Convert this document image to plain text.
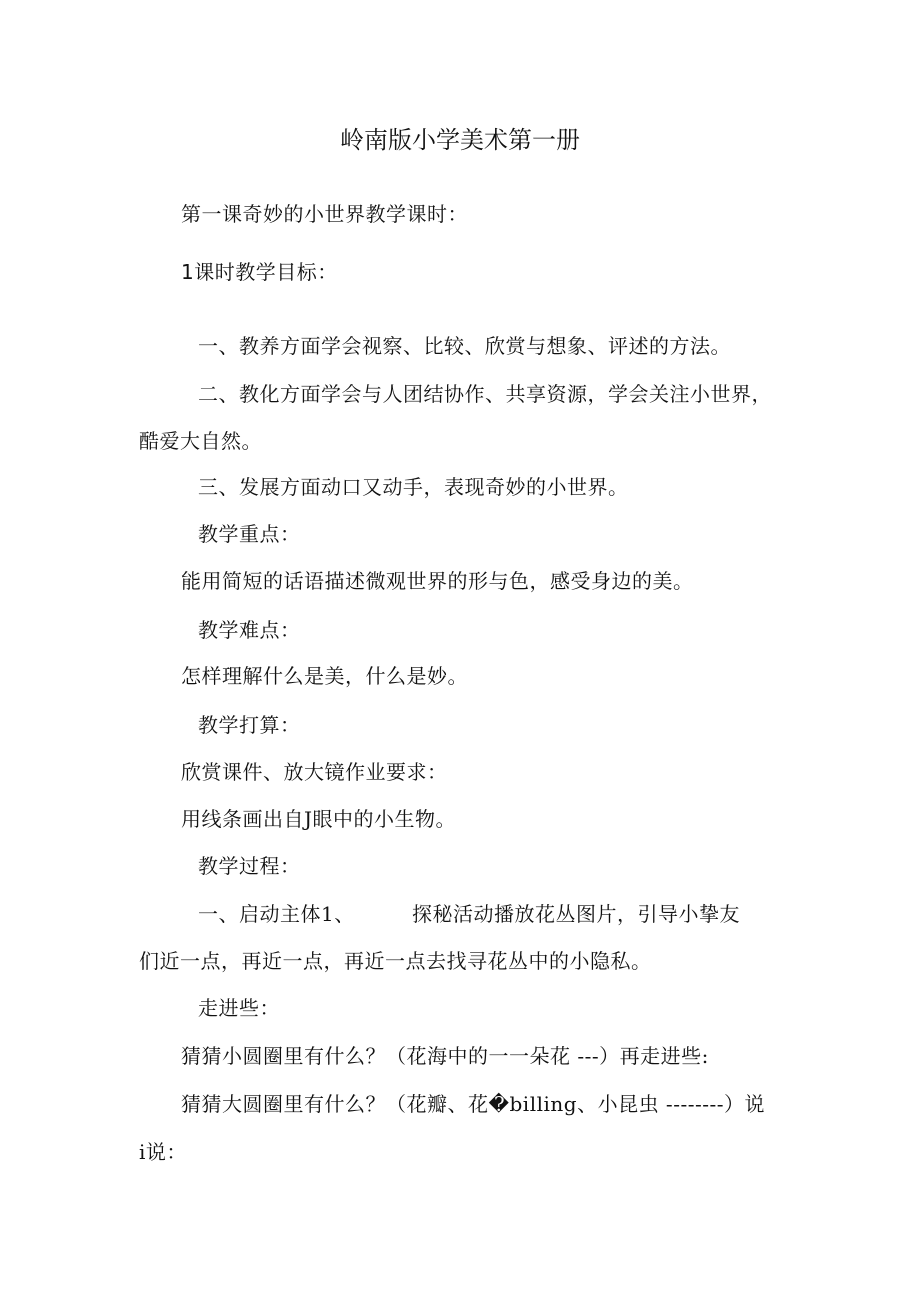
岭南版小学美术第一册
第一课奇妙的小世界教学课时：
1课时教学目标：
一、教养方面学会视察、比较、欣赏与想象、评述的方法。
二、教化方面学会与人团结协作、共享资源，学会关注小世界，
酷爱大自然。
三、发展方面动口又动手，表现奇妙的小世界。
教学重点：
能用简短的话语描述微观世界的形与色，感受身边的美。
教学难点：
怎样理解什么是美，什么是妙。
教学打算：
欣赏课件、放大镜作业要求：
用线条画出自J眼中的小生物。
教学过程：
一、启动主体1、	探秘活动播放花丛图片，引导小挚友
们近一点，再近一点，再近一点去找寻花丛中的小隐私。
走进些：
猜猜小圆圈里有什么？（花海中的一一朵花 ---）再走进些:
猜猜大圆圈里有什么？（花瓣、花�billing、小昆虫 --------）说
i说：
